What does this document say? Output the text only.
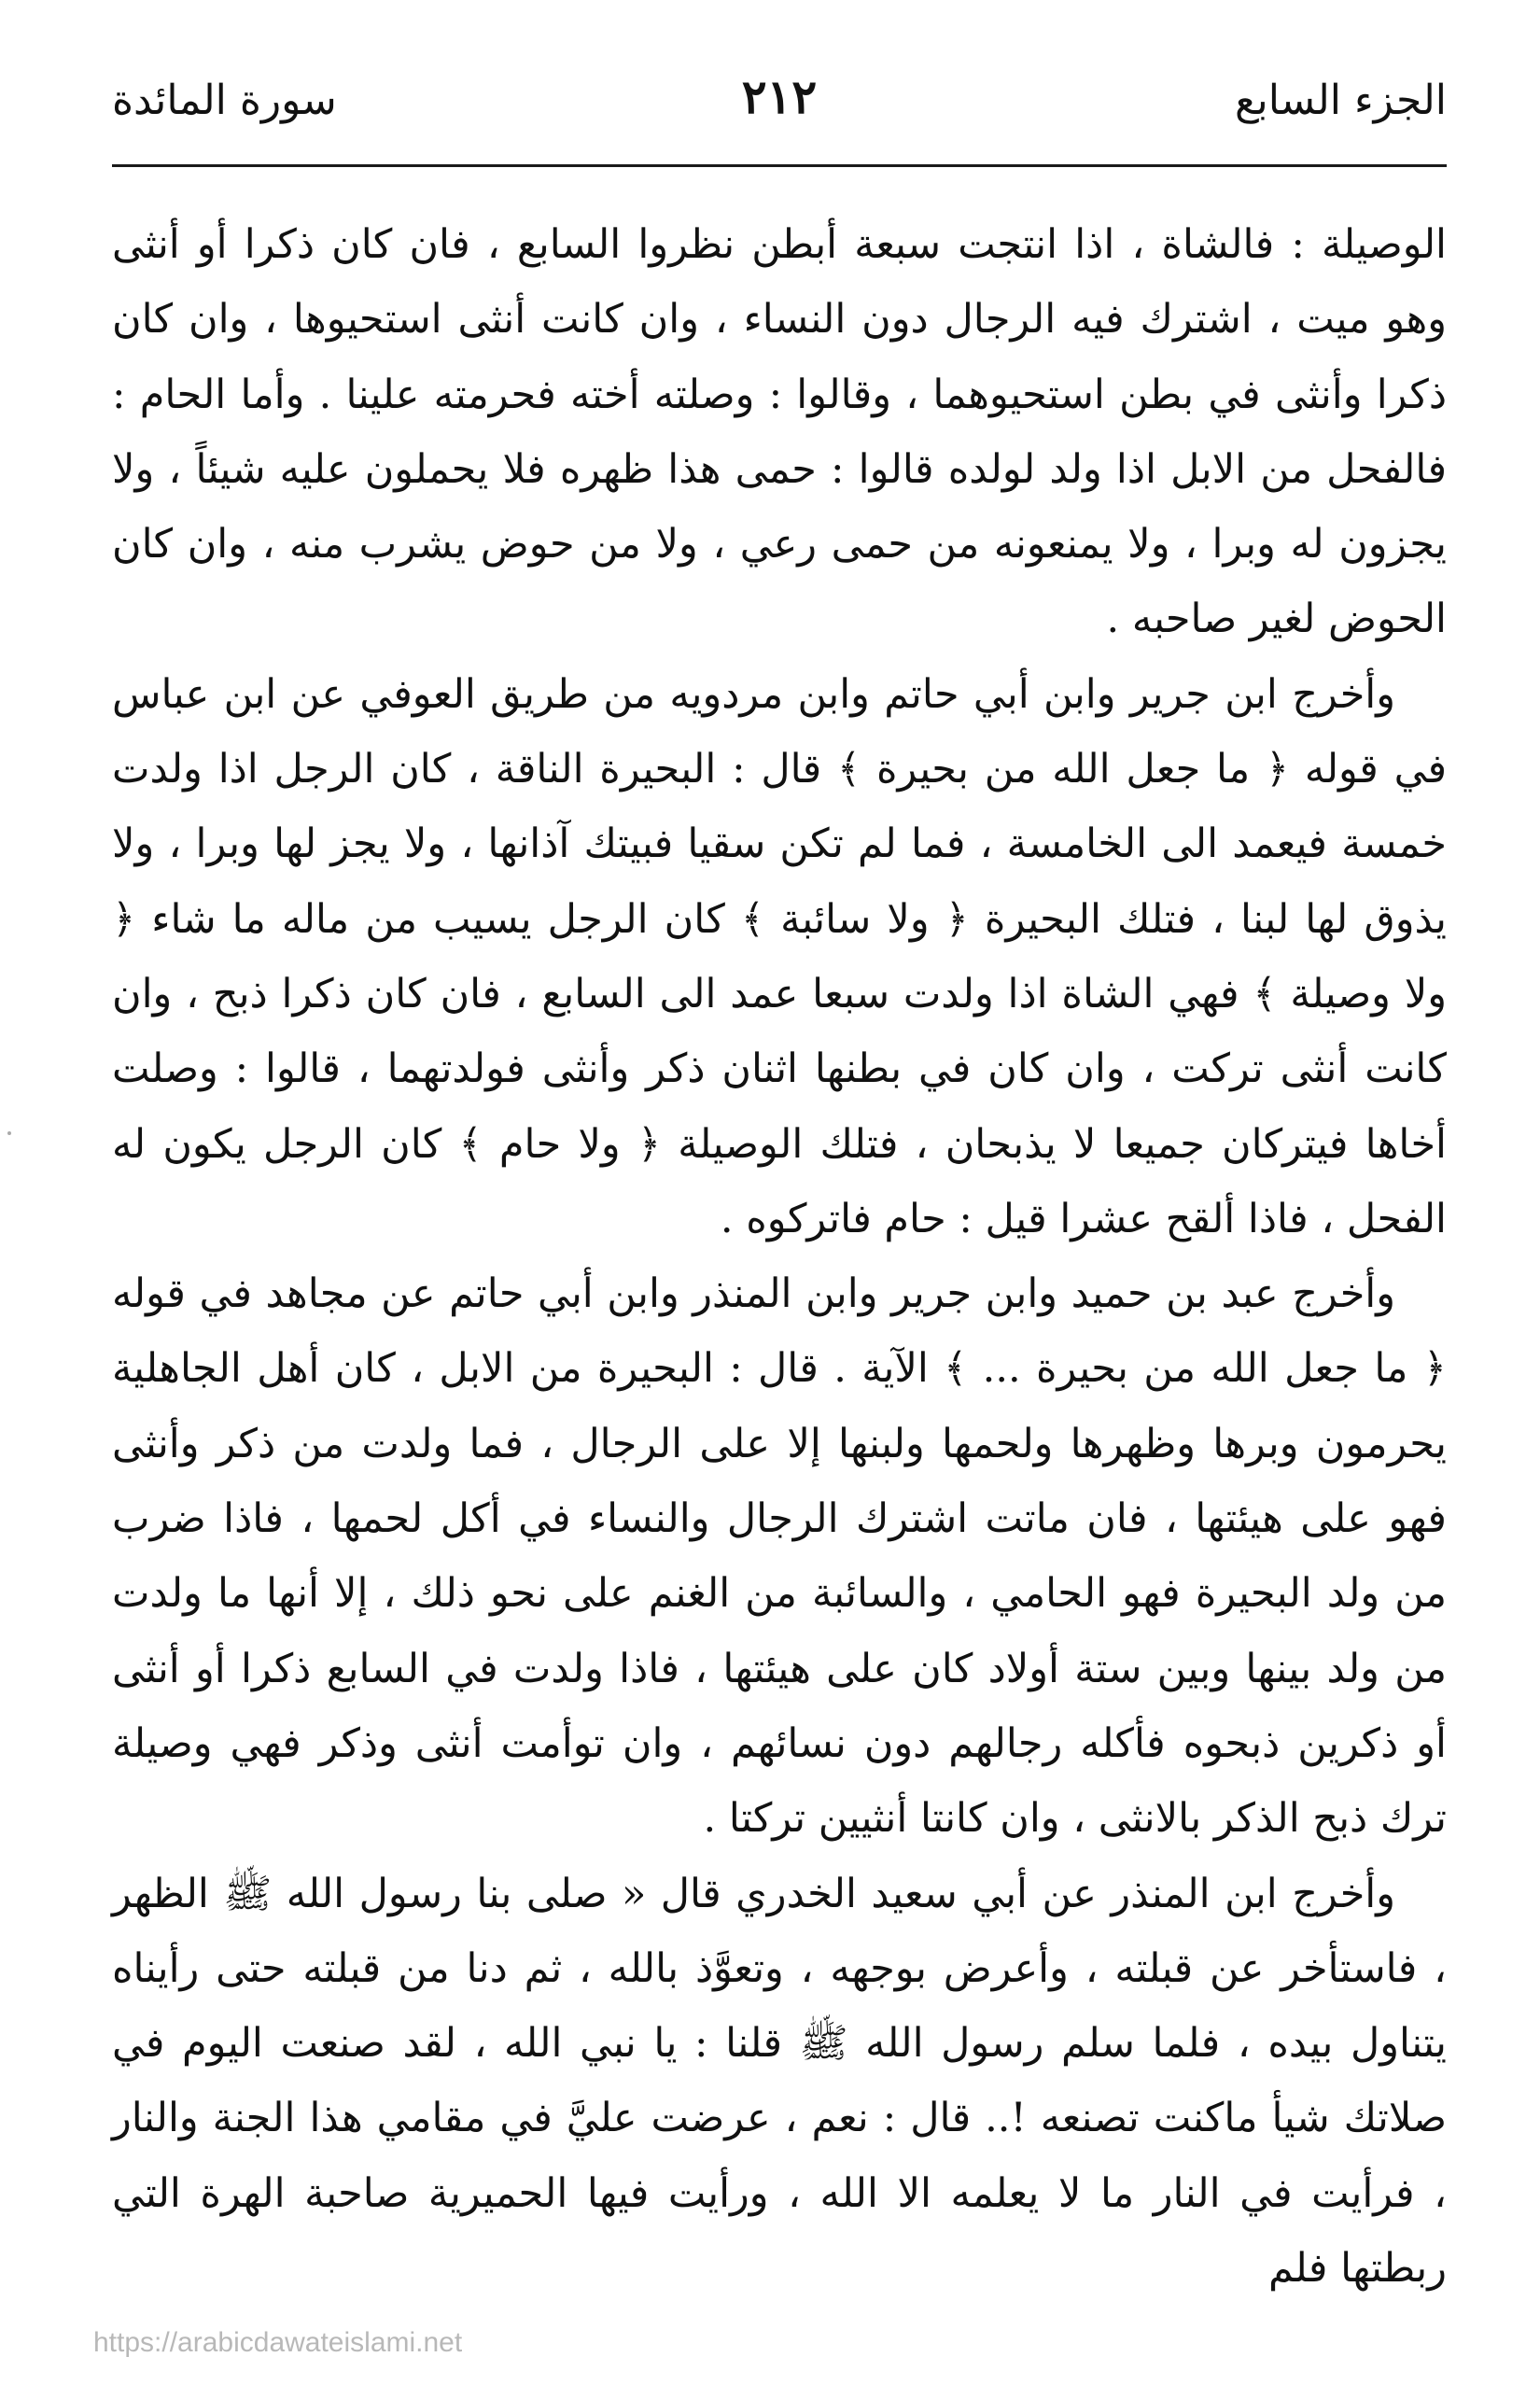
الجزء السابع
٢١٢
سورة المائدة

الوصيلة : فالشاة ، اذا انتجت سبعة أبطن نظروا السابع ، فان كان ذكرا أو أنثى وهو ميت ، اشترك فيه الرجال دون النساء ، وان كانت أنثى استحيوها ، وان كان ذكرا وأنثى في بطن استحيوهما ، وقالوا : وصلته أخته فحرمته علينا . وأما الحام : فالفحل من الابل اذا ولد لولده قالوا : حمى هذا ظهره فلا يحملون عليه شيئاً ، ولا يجزون له وبرا ، ولا يمنعونه من حمى رعي ، ولا من حوض يشرب منه ، وان كان الحوض لغير صاحبه .

وأخرج ابن جرير وابن أبي حاتم وابن مردويه من طريق العوفي عن ابن عباس في قوله ﴿ ما جعل الله من بحيرة ﴾ قال : البحيرة الناقة ، كان الرجل اذا ولدت خمسة فيعمد الى الخامسة ، فما لم تكن سقيا فبيتك آذانها ، ولا يجز لها وبرا ، ولا يذوق لها لبنا ، فتلك البحيرة ﴿ ولا سائبة ﴾ كان الرجل يسيب من ماله ما شاء ﴿ ولا وصيلة ﴾ فهي الشاة اذا ولدت سبعا عمد الى السابع ، فان كان ذكرا ذبح ، وان كانت أنثى تركت ، وان كان في بطنها اثنان ذكر وأنثى فولدتهما ، قالوا : وصلت أخاها فيتركان جميعا لا يذبحان ، فتلك الوصيلة ﴿ ولا حام ﴾ كان الرجل يكون له الفحل ، فاذا ألقح عشرا قيل : حام فاتركوه .

وأخرج عبد بن حميد وابن جرير وابن المنذر وابن أبي حاتم عن مجاهد في قوله ﴿ ما جعل الله من بحيرة ... ﴾ الآية . قال : البحيرة من الابل ، كان أهل الجاهلية يحرمون وبرها وظهرها ولحمها ولبنها إلا على الرجال ، فما ولدت من ذكر وأنثى فهو على هيئتها ، فان ماتت اشترك الرجال والنساء في أكل لحمها ، فاذا ضرب من ولد البحيرة فهو الحامي ، والسائبة من الغنم على نحو ذلك ، إلا أنها ما ولدت من ولد بينها وبين ستة أولاد كان على هيئتها ، فاذا ولدت في السابع ذكرا أو أنثى أو ذكرين ذبحوه فأكله رجالهم دون نسائهم ، وان توأمت أنثى وذكر فهي وصيلة ترك ذبح الذكر بالانثى ، وان كانتا أنثيين تركتا .

وأخرج ابن المنذر عن أبي سعيد الخدري قال « صلى بنا رسول الله ﷺ الظهر ، فاستأخر عن قبلته ، وأعرض بوجهه ، وتعوَّذ بالله ، ثم دنا من قبلته حتى رأيناه يتناول بيده ، فلما سلم رسول الله ﷺ قلنا : يا نبي الله ، لقد صنعت اليوم في صلاتك شيأ ماكنت تصنعه !.. قال : نعم ، عرضت عليَّ في مقامي هذا الجنة والنار ، فرأيت في النار ما لا يعلمه الا الله ، ورأيت فيها الحميرية صاحبة الهرة التي ربطتها فلم

https://arabicdawateislami.net
